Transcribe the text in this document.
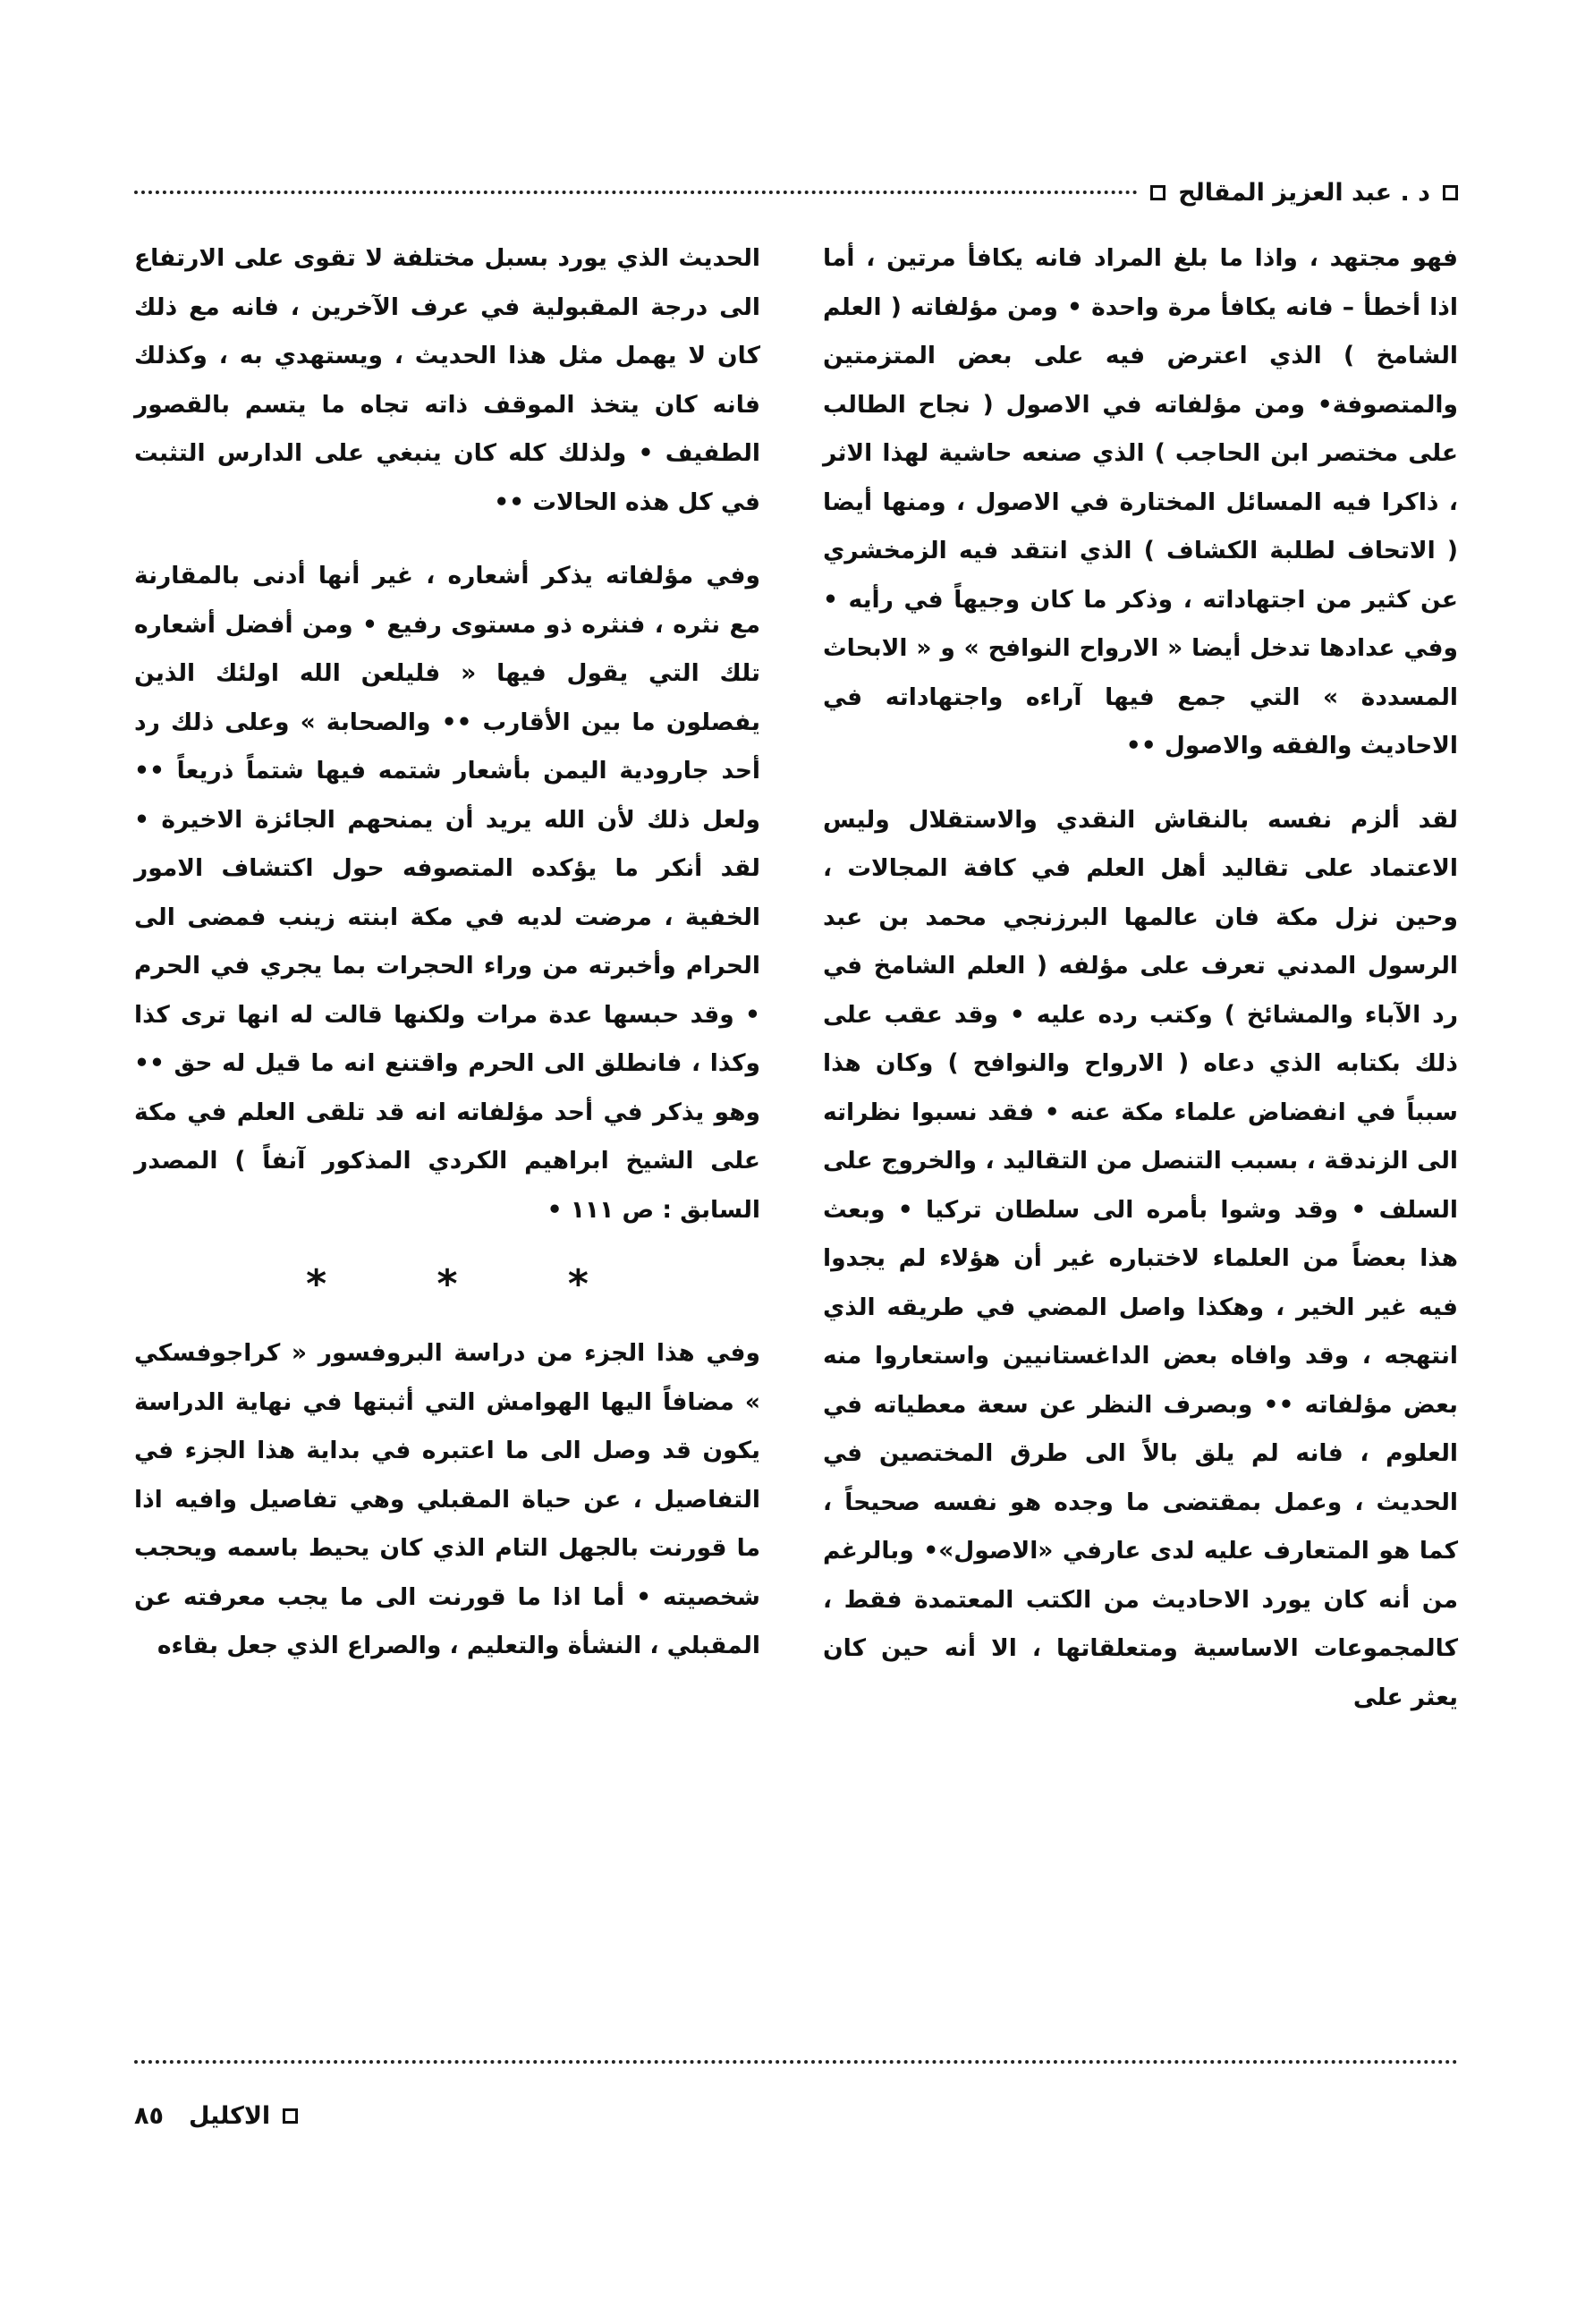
د . عبد العزيز المقالح

فهو مجتهد ، واذا ما بلغ المراد فانه يكافأ مرتين ، أما اذا أخطأ – فانه يكافأ مرة واحدة • ومن مؤلفاته ( العلم الشامخ ) الذي اعترض فيه على بعض المتزمتين والمتصوفة• ومن مؤلفاته في الاصول ( نجاح الطالب على مختصر ابن الحاجب ) الذي صنعه حاشية لهذا الاثر ، ذاكرا فيه المسائل المختارة في الاصول ، ومنها أيضا ( الاتحاف لطلبة الكشاف ) الذي انتقد فيه الزمخشري عن كثير من اجتهاداته ، وذكر ما كان وجيهاً في رأيه • وفي عدادها تدخل أيضا « الارواح النوافح » و « الابحاث المسددة » التي جمع فيها آراءه واجتهاداته في الاحاديث والفقه والاصول ••

لقد ألزم نفسه بالنقاش النقدي والاستقلال وليس الاعتماد على تقاليد أهل العلم في كافة المجالات ، وحين نزل مكة فان عالمها البرزنجي محمد بن عبد الرسول المدني تعرف على مؤلفه ( العلم الشامخ في رد الآباء والمشائخ ) وكتب رده عليه • وقد عقب على ذلك بكتابه الذي دعاه ( الارواح والنوافح ) وكان هذا سبباً في انفضاض علماء مكة عنه • فقد نسبوا نظراته الى الزندقة ، بسبب التنصل من التقاليد ، والخروج على السلف • وقد وشوا بأمره الى سلطان تركيا • وبعث هذا بعضاً من العلماء لاختباره غير أن هؤلاء لم يجدوا فيه غير الخير ، وهكذا واصل المضي في طريقه الذي انتهجه ، وقد وافاه بعض الداغستانيين واستعاروا منه بعض مؤلفاته •• وبصرف النظر عن سعة معطياته في العلوم ، فانه لم يلق بالاً الى طرق المختصين في الحديث ، وعمل بمقتضى ما وجده هو نفسه صحيحاً ، كما هو المتعارف عليه لدى عارفي «الاصول»• وبالرغم من أنه كان يورد الاحاديث من الكتب المعتمدة فقط ، كالمجموعات الاساسية ومتعلقاتها ، الا أنه حين كان يعثر على

الحديث الذي يورد بسبل مختلفة لا تقوى على الارتفاع الى درجة المقبولية في عرف الآخرين ، فانه مع ذلك كان لا يهمل مثل هذا الحديث ، ويستهدي به ، وكذلك فانه كان يتخذ الموقف ذاته تجاه ما يتسم بالقصور الطفيف • ولذلك كله كان ينبغي على الدارس التثبت في كل هذه الحالات ••

وفي مؤلفاته يذكر أشعاره ، غير أنها أدنى بالمقارنة مع نثره ، فنثره ذو مستوى رفيع • ومن أفضل أشعاره تلك التي يقول فيها « فليلعن الله اولئك الذين يفصلون ما بين الأقارب •• والصحابة » وعلى ذلك رد أحد جارودية اليمن بأشعار شتمه فيها شتماً ذريعاً •• ولعل ذلك لأن الله يريد أن يمنحهم الجائزة الاخيرة • لقد أنكر ما يؤكده المتصوفه حول اكتشاف الامور الخفية ، مرضت لديه في مكة ابنته زينب فمضى الى الحرام وأخبرته من وراء الحجرات بما يجري في الحرم • وقد حبسها عدة مرات ولكنها قالت له انها ترى كذا وكذا ، فانطلق الى الحرم واقتنع انه ما قيل له حق •• وهو يذكر في أحد مؤلفاته انه قد تلقى العلم في مكة على الشيخ ابراهيم الكردي المذكور آنفاً ) المصدر السابق : ص ١١١ •

* * *

وفي هذا الجزء من دراسة البروفسور « كراجوفسكي » مضافاً اليها الهوامش التي أثبتها في نهاية الدراسة يكون قد وصل الى ما اعتبره في بداية هذا الجزء في التفاصيل ، عن حياة المقبلي وهي تفاصيل وافيه اذا ما قورنت بالجهل التام الذي كان يحيط باسمه ويحجب شخصيته • أما اذا ما قورنت الى ما يجب معرفته عن المقبلي ، النشأة والتعليم ، والصراع الذي جعل بقاءه

٨٥ الاكليل
